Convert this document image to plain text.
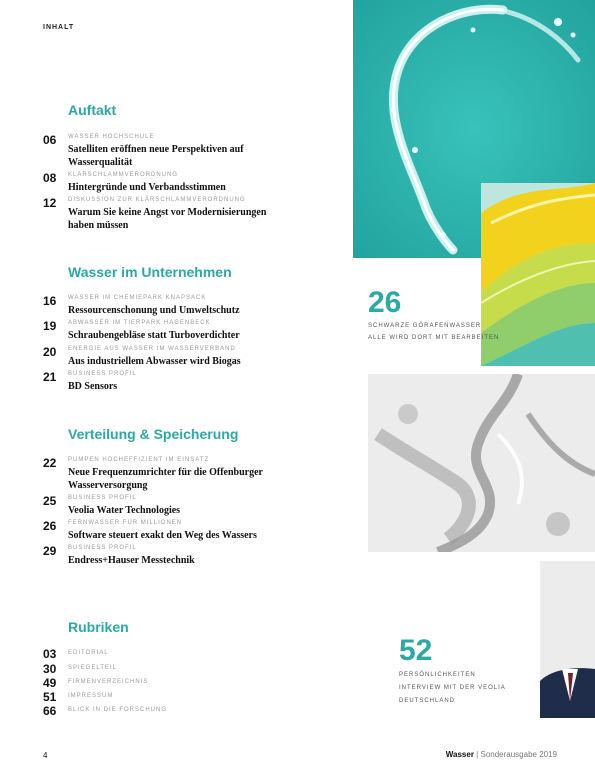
INHALT
Auftakt
06 WASSER HOCHSCHULE
Satelliten eröffnen neue Perspektiven auf Wasserqualität
08 KLÄRSCHLAMMVERORDNUNG
Hintergründe und Verbandsstimmen
12 DISKUSSION ZUR KLÄRSCHLAMMVERORDNUNG
Warum Sie keine Angst vor Modernisierungen haben müssen
Wasser im Unternehmen
16 WASSER IM CHEMIEPARK KNAPSACK
Ressourcenschonung und Umweltschutz
19 ABWASSER IM TIERPARK HAGENBECK
Schraubengebläse statt Turboverdichter
20 ENERGIE AUS WASSER IM WASSERVERBAND
Aus industriellem Abwasser wird Biogas
21 BUSINESS PROFIL
BD Sensors
Verteilung & Speicherung
22 PUMPEN HOCHEFFIZIENT IM EINSATZ
Neue Frequenzumrichter für die Offenburger Wasserversorgung
25 BUSINESS PROFIL
Veolia Water Technologies
26 FERNWASSER FÜR MILLIONEN
Software steuert exakt den Weg des Wassers
29 BUSINESS PROFIL
Endress+Hauser Messtechnik
Rubriken
03 EDITORIAL
30 SPIEGELTEIL
49 FIRMENVERZEICHNIS
51 IMPRESSUM
66 BLICK IN DIE FORSCHUNG
26
SCHWARZE GÖRAFENWASSER
ALLE WIRD DORT MIT BEARBEITEN
52
PERSÖNLICHKEITEN
INTERVIEW MIT DER VEOLIA
DEUTSCHLAND
4	Wasser | Sonderausgabe 2019
